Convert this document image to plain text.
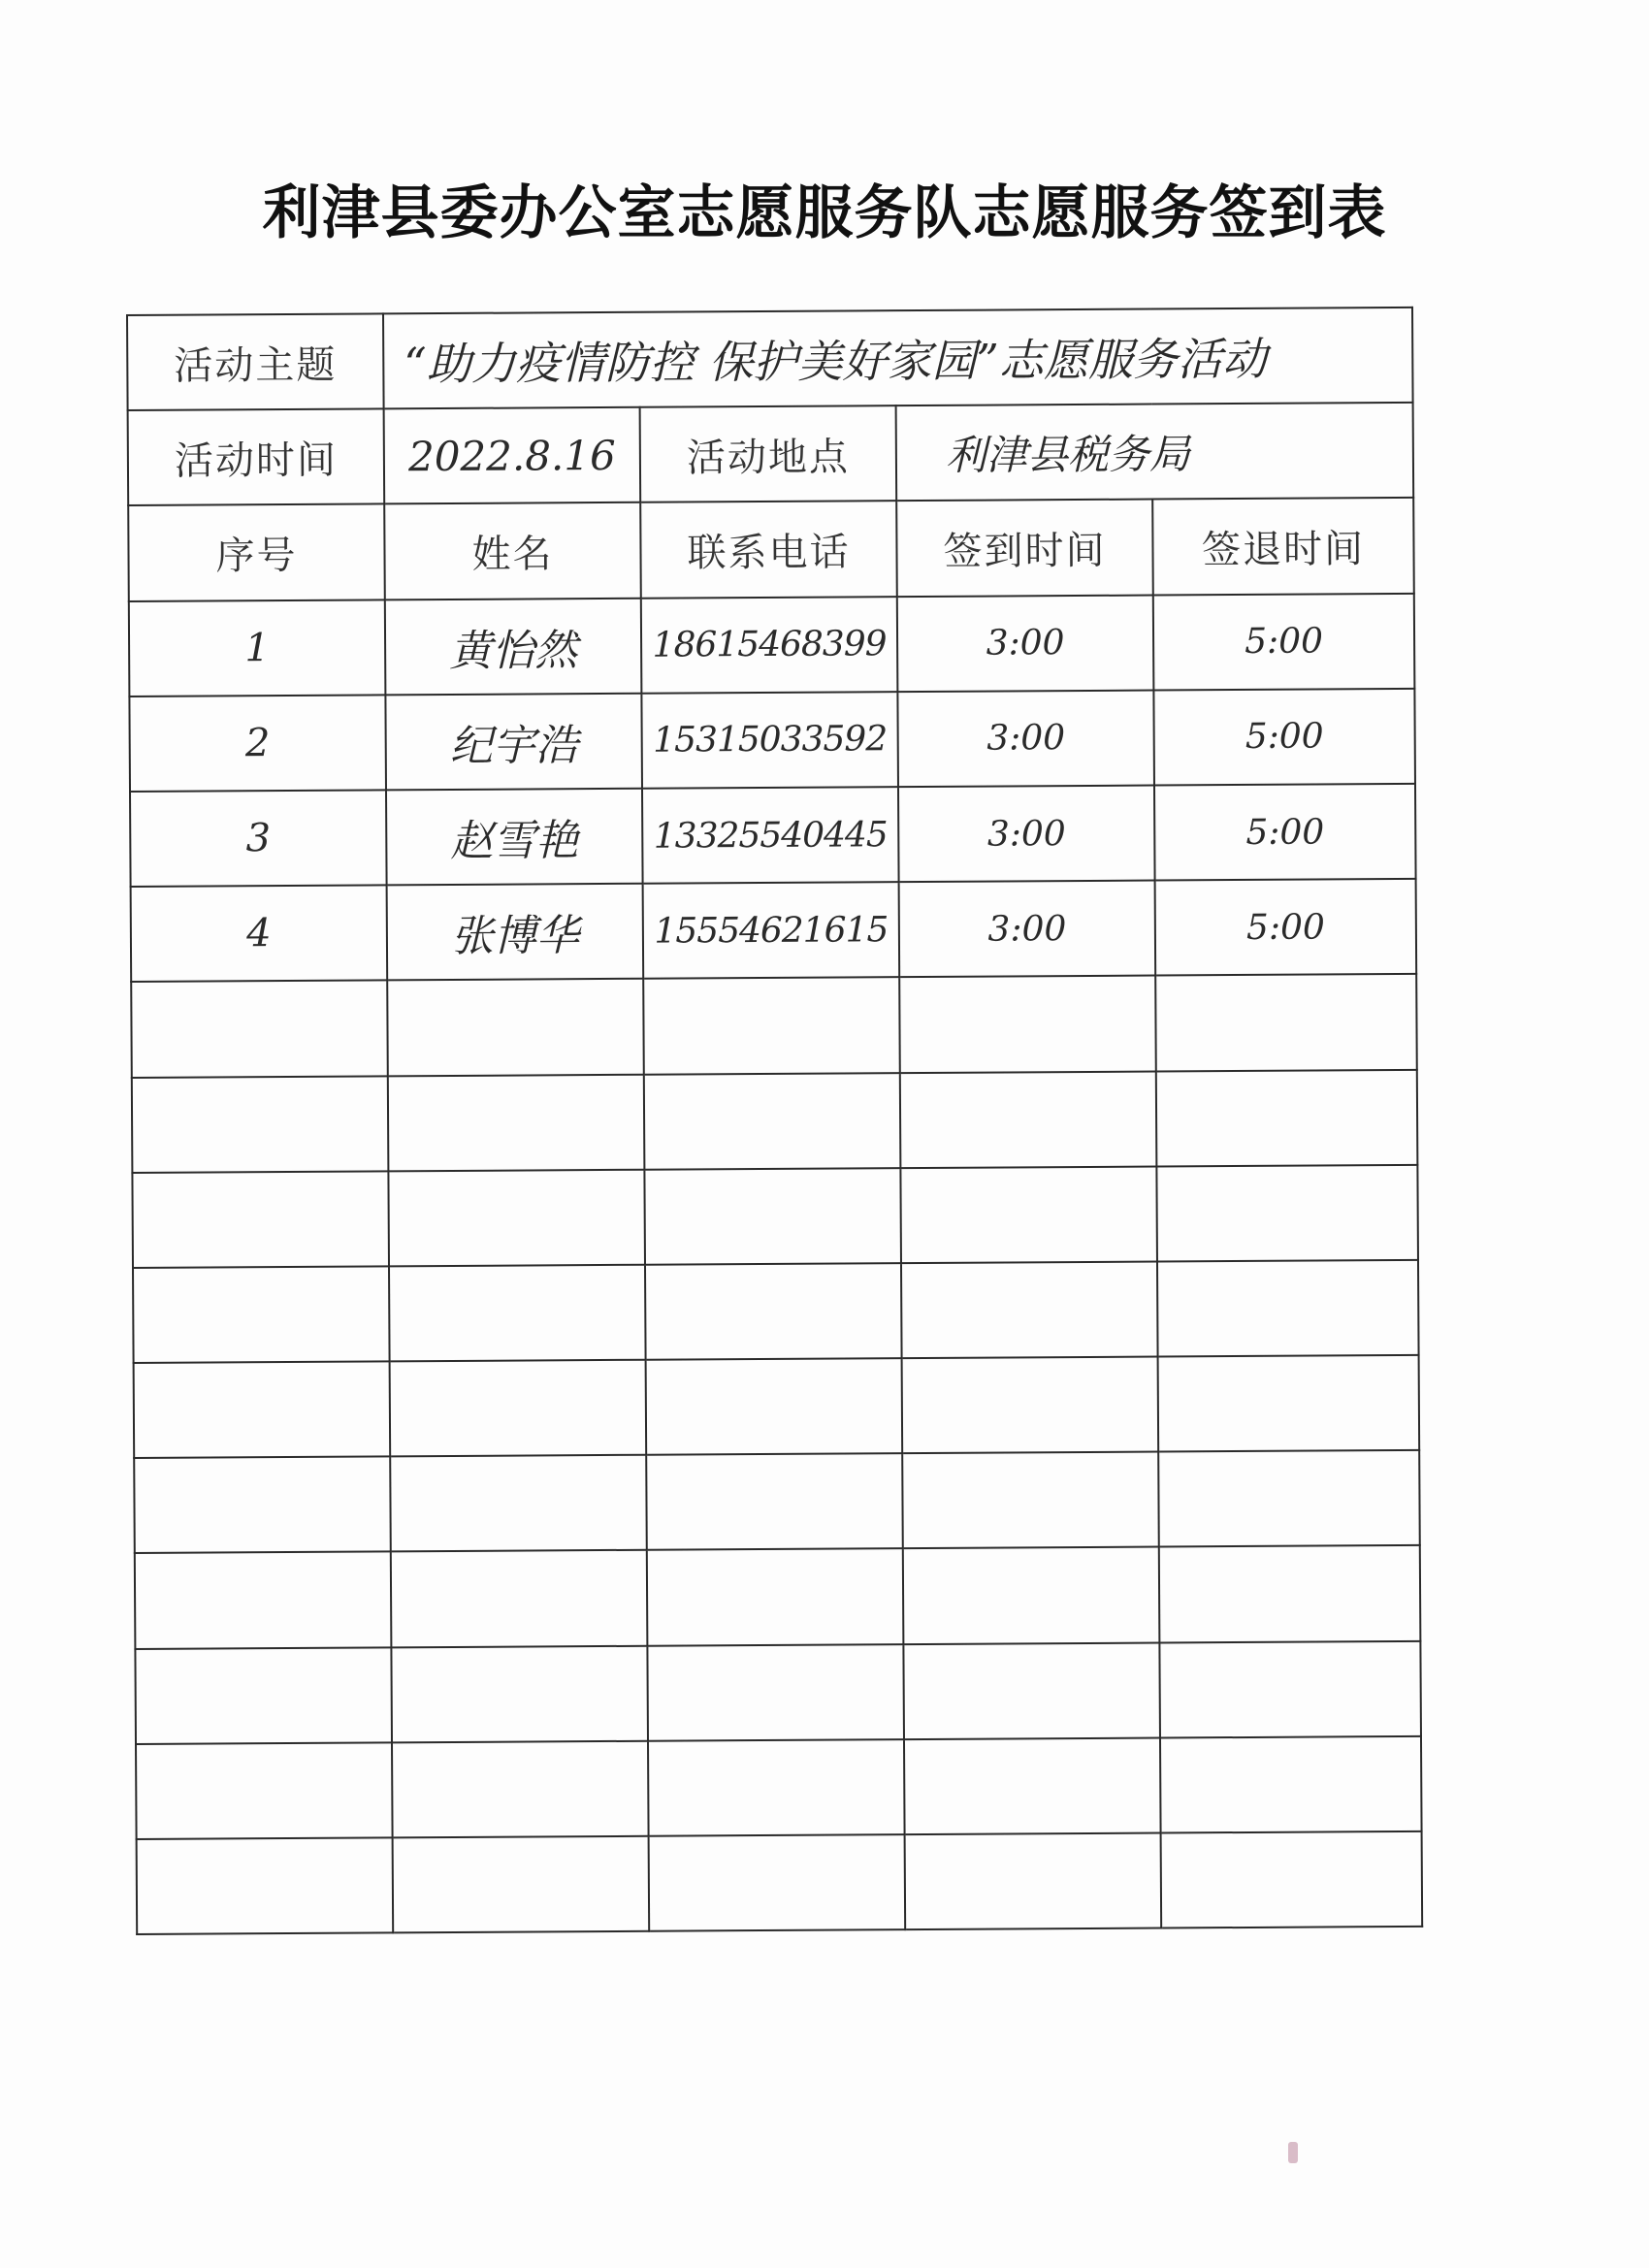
利津县委办公室志愿服务队志愿服务签到表
活动主题	“助力疫情防控 保护美好家园”志愿服务活动			
活动时间	2022.8.16	活动地点	利津县税务局	
序号	姓名	联系电话	签到时间	签退时间
1	黄怡然	18615468399	3:00	5:00
2	纪宇浩	15315033592	3:00	5:00
3	赵雪艳	13325540445	3:00	5:00
4	张博华	15554621615	3:00	5:00
